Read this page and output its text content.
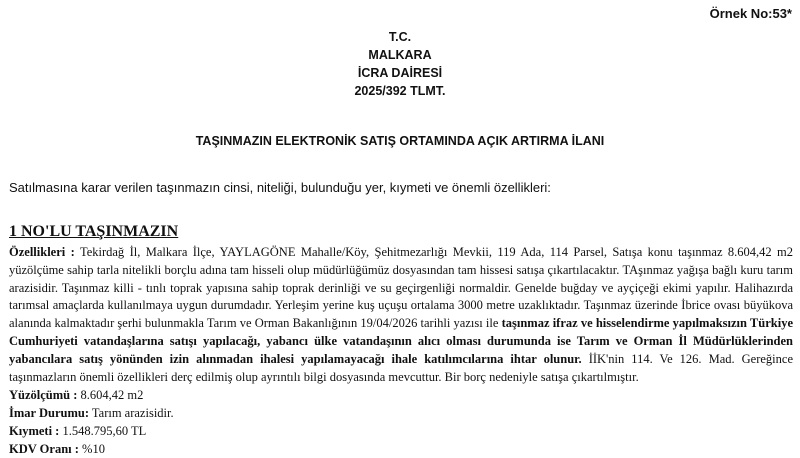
Örnek No:53*
T.C.
MALKARA
İCRA DAİRESİ
2025/392 TLMT.
TAŞINMAZIN ELEKTRONİK SATIŞ ORTAMINDA AÇIK ARTIRMA İLANI
Satılmasına karar verilen taşınmazın cinsi, niteliği, bulunduğu yer, kıymeti ve önemli özellikleri:
1 NO'LU TAŞINMAZIN

Özellikleri : Tekirdağ İl, Malkara İlçe, YAYLAGÖNE Mahalle/Köy, Şehitmezarlığı Mevkii, 119 Ada, 114 Parsel, Satışa konu taşınmaz 8.604,42 m2 yüzölçüme sahip tarla nitelikli borçlu adına tam hisseli olup müdürlüğümüz dosyasından tam hissesi satışa çıkartılacaktır. TAşınmaz yağışa bağlı kuru tarım arazisidir. Taşınmaz killi - tınlı toprak yapısına sahip toprak derinliği ve su geçirgenliği normaldir. Genelde buğday ve ayçiçeği ekimi yapılır. Halihazırda tarımsal amaçlarda kullanılmaya uygun durumdadır. Yerleşim yerine kuş uçuşu ortalama 3000 metre uzaklıktadır. Taşınmaz üzerinde İbrice ovası büyükova alanında kalmaktadır şerhi bulunmakla Tarım ve Orman Bakanlığının 19/04/2026 tarihli yazısı ile taşınmaz ifraz ve hisselendirme yapılmaksızın Türkiye Cumhuriyeti vatandaşlarına satışı yapılacağı, yabancı ülke vatandaşının alıcı olması durumunda ise Tarım ve Orman İl Müdürlüklerinden yabancılara satış yönünden izin alınmadan ihalesi yapılamayacağı ihale katılımcılarına ihtar olunur. İİK'nin 114. Ve 126. Mad. Gereğince taşınmazların önemli özellikleri derç edilmiş olup ayrıntılı bilgi dosyasında mevcuttur. Bir borç nedeniyle satışa çıkartılmıştır.

Yüzölçümü : 8.604,42 m2

İmar Durumu: Tarım arazisidir.

Kıymeti : 1.548.795,60 TL

KDV Oranı : %10
